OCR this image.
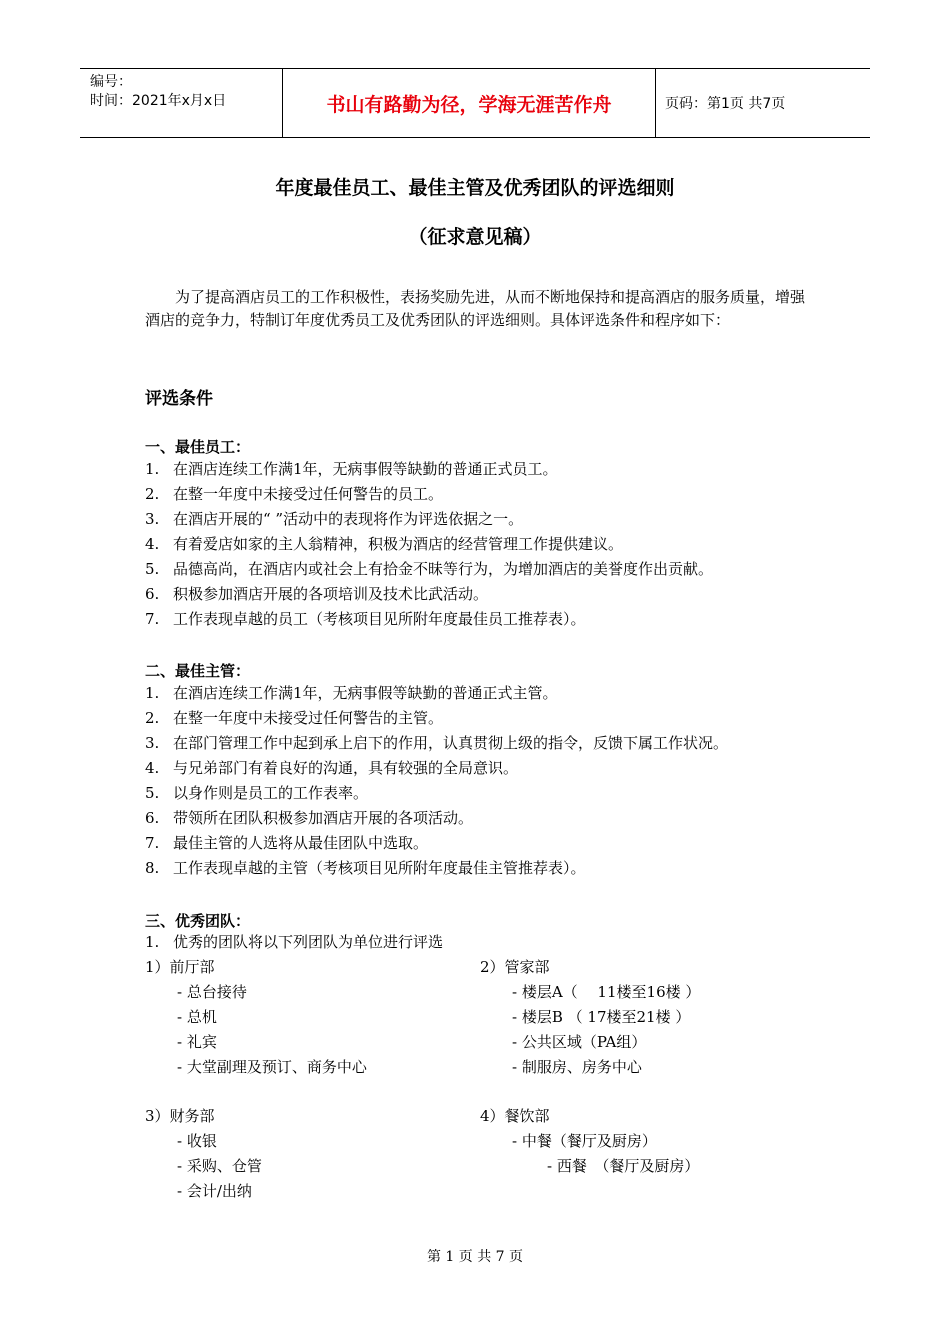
编号：
时间：2021年x月x日	书山有路勤为径，学海无涯苦作舟	页码：第1页 共7页
年度最佳员工、最佳主管及优秀团队的评选细则
（征求意见稿）
　　为了提高酒店员工的工作积极性，表扬奖励先进，从而不断地保持和提高酒店的服务质量，增强酒店的竞争力，特制订年度优秀员工及优秀团队的评选细则。具体评选条件和程序如下：
评选条件
一、最佳员工：
1. 在酒店连续工作满1年，无病事假等缺勤的普通正式员工。
2. 在整一年度中未接受过任何警告的员工。
3. 在酒店开展的“ ”活动中的表现将作为评选依据之一。
4. 有着爱店如家的主人翁精神，积极为酒店的经营管理工作提供建议。
5. 品德高尚，在酒店内或社会上有拾金不昧等行为，为增加酒店的美誉度作出贡献。
6. 积极参加酒店开展的各项培训及技术比武活动。
7. 工作表现卓越的员工（考核项目见所附年度最佳员工推荐表）。
二、最佳主管：
1. 在酒店连续工作满1年，无病事假等缺勤的普通正式主管。
2. 在整一年度中未接受过任何警告的主管。
3. 在部门管理工作中起到承上启下的作用，认真贯彻上级的指令，反馈下属工作状况。
4. 与兄弟部门有着良好的沟通，具有较强的全局意识。
5. 以身作则是员工的工作表率。
6. 带领所在团队积极参加酒店开展的各项活动。
7. 最佳主管的人选将从最佳团队中选取。
8. 工作表现卓越的主管（考核项目见所附年度最佳主管推荐表）。
三、优秀团队：
1. 优秀的团队将以下列团队为单位进行评选
1）前厅部
- 总台接待
- 总机
- 礼宾
- 大堂副理及预订、商务中心
2）管家部
- 楼层A（　 11楼至16楼 ）
- 楼层B （ 17楼至21楼 ）
- 公共区域（PA组）
- 制服房、房务中心
3）财务部
- 收银
- 采购、仓管
- 会计/出纳
4）餐饮部
- 中餐（餐厅及厨房）
- 西餐　（餐厅及厨房）
第 1 页 共 7 页
